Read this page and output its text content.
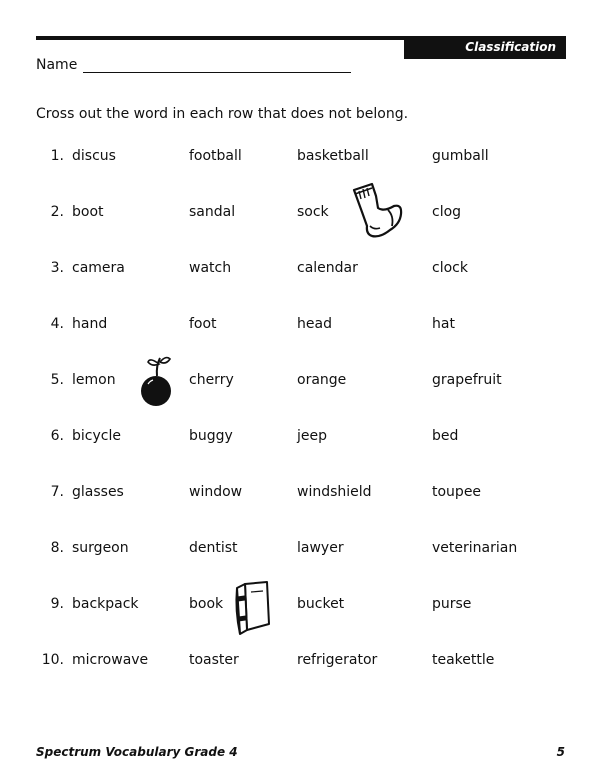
Classification
Name
Cross out the word in each row that does not belong.
1. discus	football	basketball	gumball
2. boot	sandal	sock	clog
3. camera	watch	calendar	clock
4. hand	foot	head	hat
5. lemon	cherry	orange	grapefruit
6. bicycle	buggy	jeep	bed
7. glasses	window	windshield	toupee
8. surgeon	dentist	lawyer	veterinarian
9. backpack	book	bucket	purse
10. microwave	toaster	refrigerator	teakettle
Spectrum Vocabulary Grade 4	5
